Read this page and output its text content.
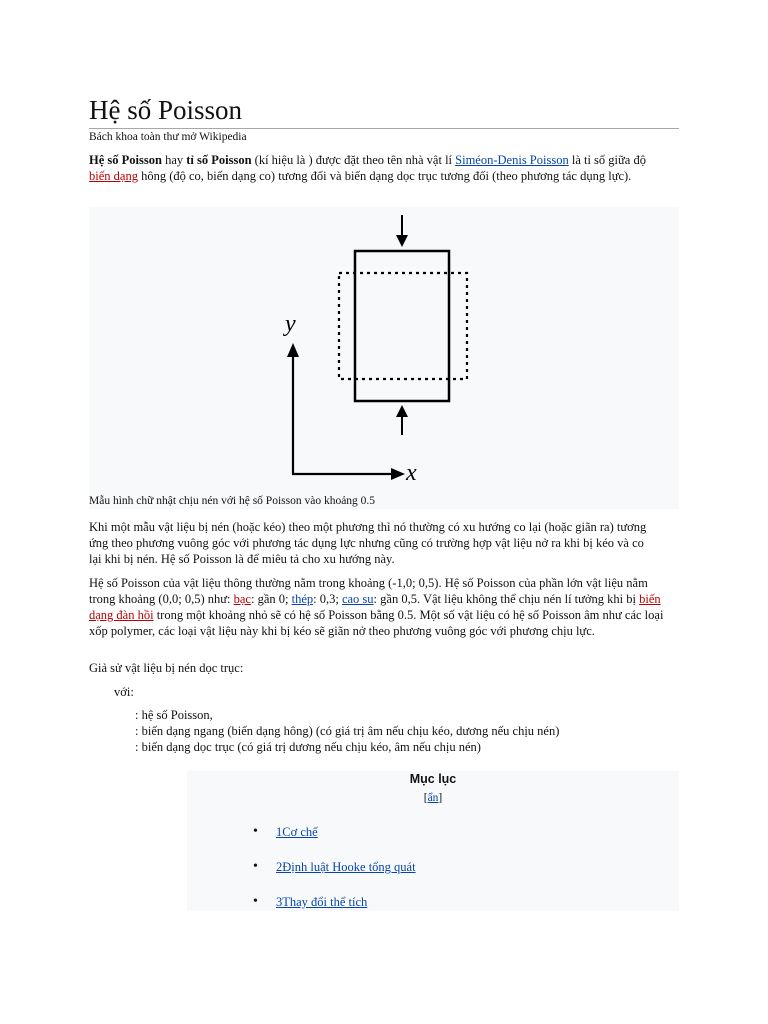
Hệ số Poisson
Bách khoa toàn thư mở Wikipedia

Hệ số Poisson hay tỉ số Poisson (kí hiệu là ) được đặt theo tên nhà vật lí Siméon-Denis Poisson là tỉ số giữa độ biến dạng hông (độ co, biến dạng co) tương đối và biến dạng dọc trục tương đối (theo phương tác dụng lực).

y
x
Mẫu hình chữ nhật chịu nén với hệ số Poisson vào khoảng 0.5

Khi một mẫu vật liệu bị nén (hoặc kéo) theo một phương thì nó thường có xu hướng co lại (hoặc giãn ra) tương ứng theo phương vuông góc với phương tác dụng lực nhưng cũng có trường hợp vật liệu nở ra khi bị kéo và co lại khi bị nén. Hệ số Poisson là để miêu tả cho xu hướng này.

Hệ số Poisson của vật liệu thông thường nằm trong khoảng (-1,0; 0,5). Hệ số Poisson của phần lớn vật liệu nằm trong khoảng (0,0; 0,5) như: bạc: gần 0; thép: 0,3; cao su: gần 0,5. Vật liệu không thể chịu nén lí tưởng khi bị biến dạng đàn hồi trong một khoảng nhỏ sẽ có hệ số Poisson bằng 0.5. Một số vật liệu có hệ số Poisson âm như các loại xốp polymer, các loại vật liệu này khi bị kéo sẽ giãn nở theo phương vuông góc với phương chịu lực.

Giả sử vật liệu bị nén dọc trục:

với:
: hệ số Poisson,
: biến dạng ngang (biến dạng hông) (có giá trị âm nếu chịu kéo, dương nếu chịu nén)
: biến dạng dọc trục (có giá trị dương nếu chịu kéo, âm nếu chịu nén)
Mục lục
[ẩn]
• 1Cơ chế
• 2Định luật Hooke tổng quát
• 3Thay đổi thể tích
